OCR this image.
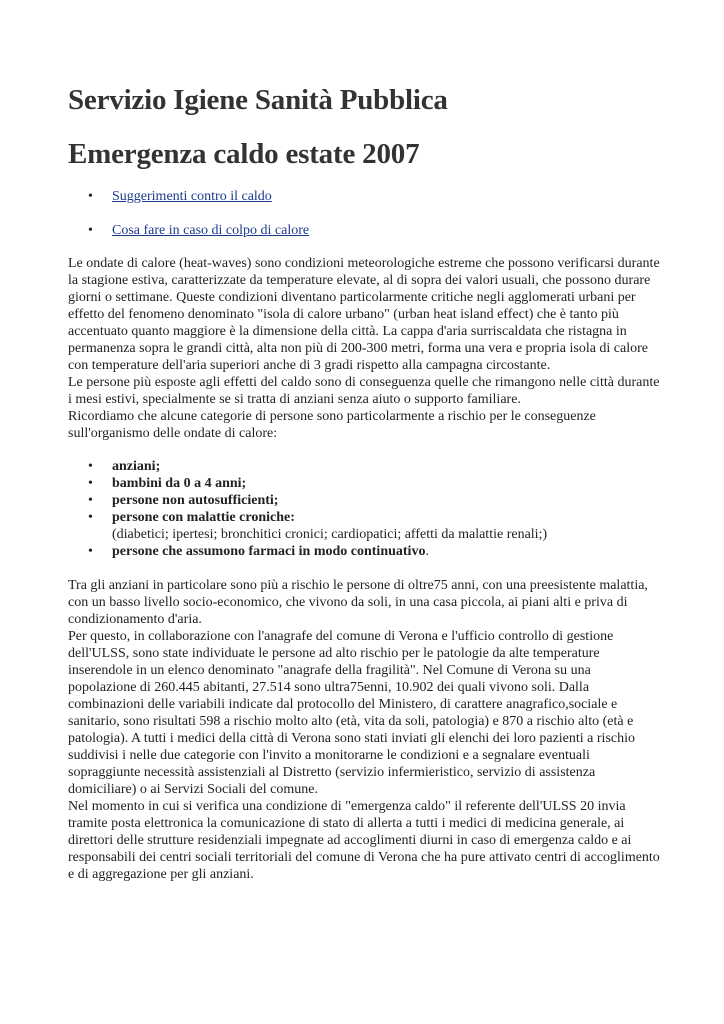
Servizio Igiene Sanità Pubblica
Emergenza caldo estate 2007
• Suggerimenti contro il caldo
• Cosa fare in caso di colpo di calore

Le ondate di calore (heat-waves) sono condizioni meteorologiche estreme che possono verificarsi durante la stagione estiva, caratterizzate da temperature elevate, al di sopra dei valori usuali, che possono durare giorni o settimane. Queste condizioni diventano particolarmente critiche negli agglomerati urbani per effetto del fenomeno denominato "isola di calore urbano" (urban heat island effect) che è tanto più accentuato quanto maggiore è la dimensione della città. La cappa d'aria surriscaldata che ristagna in permanenza sopra le grandi città, alta non più di 200-300 metri, forma una vera e propria isola di calore con temperature dell'aria superiori anche di 3 gradi rispetto alla campagna circostante.

Le persone più esposte agli effetti del caldo sono di conseguenza quelle che rimangono nelle città durante i mesi estivi, specialmente se si tratta di anziani senza aiuto o supporto familiare.

Ricordiamo che alcune categorie di persone sono particolarmente a rischio per le conseguenze sull'organismo delle ondate di calore:

• anziani;
• bambini da 0 a 4 anni;
• persone non autosufficienti;
• persone con malattie croniche:
(diabetici; ipertesi; bronchitici cronici; cardiopatici; affetti da malattie renali;)
• persone che assumono farmaci in modo continuativo.

Tra gli anziani in particolare sono più a rischio le persone di oltre75 anni, con una preesistente malattia, con un basso livello socio-economico, che vivono da soli, in una casa piccola, ai piani alti e priva di condizionamento d'aria.

Per questo, in collaborazione con l'anagrafe del comune di Verona e l'ufficio controllo di gestione dell'ULSS, sono state individuate le persone ad alto rischio per le patologie da alte temperature inserendole in un elenco denominato "anagrafe della fragilità". Nel Comune di Verona su una popolazione di 260.445 abitanti, 27.514 sono ultra75enni, 10.902 dei quali vivono soli. Dalla combinazioni delle variabili indicate dal protocollo del Ministero, di carattere anagrafico,sociale e sanitario, sono risultati 598 a rischio molto alto (età, vita da soli, patologia) e 870 a rischio alto (età e patologia). A tutti i medici della città di Verona sono stati inviati gli elenchi dei loro pazienti a rischio suddivisi i nelle due categorie con l'invito a monitorarne le condizioni e a segnalare eventuali sopraggiunte necessità assistenziali al Distretto (servizio infermieristico, servizio di assistenza domiciliare) o ai Servizi Sociali del comune.

Nel momento in cui si verifica una condizione di "emergenza caldo" il referente dell'ULSS 20 invia tramite posta elettronica la comunicazione di stato di allerta a tutti i medici di medicina generale, ai direttori delle strutture residenziali impegnate ad accoglimenti diurni in caso di emergenza caldo e ai responsabili dei centri sociali territoriali del comune di Verona che ha pure attivato centri di accoglimento e di aggregazione per gli anziani.
